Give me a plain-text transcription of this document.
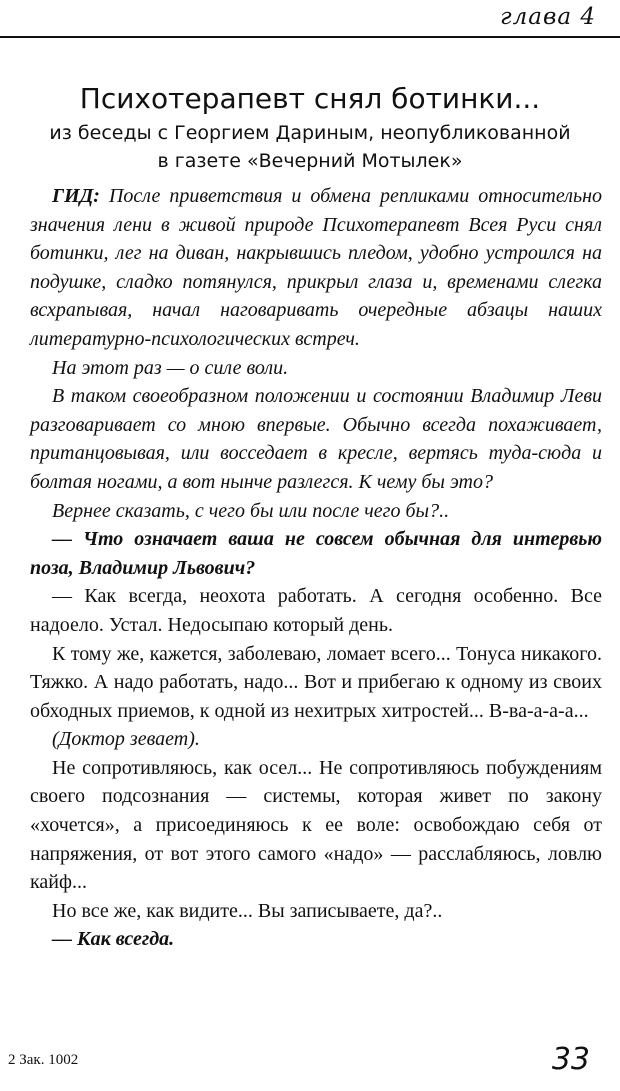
глава 4
Психотерапевт снял ботинки...
из беседы с Георгием Дариным, неопубликованной
в газете «Вечерний Мотылек»

ГИД: После приветствия и обмена репликами относительно значения лени в живой природе Психотерапевт Всея Руси снял ботинки, лег на диван, накрывшись пледом, удобно устроился на подушке, сладко потянулся, прикрыл глаза и, временами слегка всхрапывая, начал наговаривать очередные абзацы наших литературно-психологических встреч.

На этот раз — о силе воли.

В таком своеобразном положении и состоянии Владимир Леви разговаривает со мною впервые. Обычно всегда похаживает, пританцовывая, или восседает в кресле, вертясь туда-сюда и болтая ногами, а вот нынче разлегся. К чему бы это?

Вернее сказать, с чего бы или после чего бы?..

— Что означает ваша не совсем обычная для интервью поза, Владимир Львович?

— Как всегда, неохота работать. А сегодня особенно. Все надоело. Устал. Недосыпаю который день.

К тому же, кажется, заболеваю, ломает всего... Тонуса никакого. Тяжко. А надо работать, надо... Вот и прибегаю к одному из своих обходных приемов, к одной из нехитрых хитростей... В-ва-а-а-а...

(Доктор зевает).

Не сопротивляюсь, как осел... Не сопротивляюсь побуждениям своего подсознания — системы, которая живет по закону «хочется», а присоединяюсь к ее воле: освобождаю себя от напряжения, от вот этого самого «надо» — расслабляюсь, ловлю кайф...

Но все же, как видите... Вы записываете, да?..

— Как всегда.

2 Зак. 1002	33
